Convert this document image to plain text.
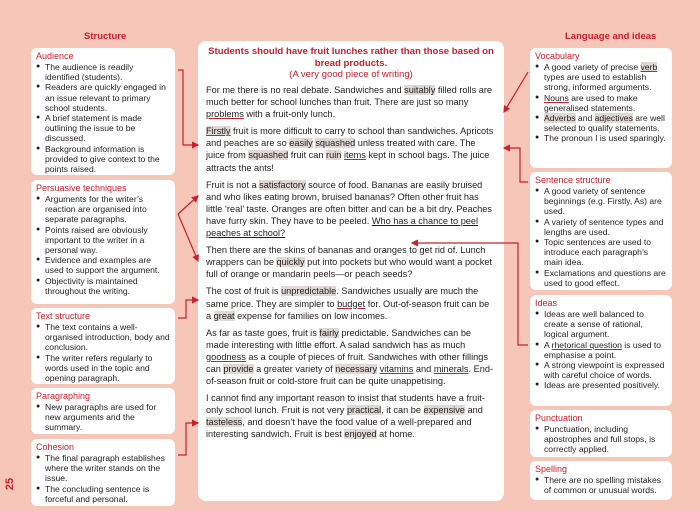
Structure	Language and ideas
25
Audience
● The audience is readily identified (students).
● Readers are quickly engaged in an issue relevant to primary school students.
● A brief statement is made outlining the issue to be discussed.
● Background information is provided to give context to the points raised.
Persuasive techniques
● Arguments for the writer’s reaction are organised into separate paragraphs.
● Points raised are obviously important to the writer in a personal way.
● Evidence and examples are used to support the argument.
● Objectivity is maintained throughout the writing.
Text structure
● The text contains a well-organised introduction, body and conclusion.
● The writer refers regularly to words used in the topic and opening paragraph.
Paragraphing
● New paragraphs are used for new arguments and the summary.
Cohesion
● The final paragraph establishes where the writer stands on the issue.
● The concluding sentence is forceful and personal.
Students should have fruit lunches rather than those based on
bread products.
(A very good piece of writing)

For me there is no real debate. Sandwiches and suitably filled rolls are much better for school lunches than fruit. There are just so many problems with a fruit-only lunch.

Firstly fruit is more difficult to carry to school than sandwiches. Apricots and peaches are so easily squashed unless treated with care. The juice from squashed fruit can ruin items kept in school bags. The juice attracts the ants!

Fruit is not a satisfactory source of food. Bananas are easily bruised and who likes eating brown, bruised bananas? Often other fruit has little ‘real’ taste. Oranges are often bitter and can be a bit dry. Peaches have furry skin. They have to be peeled. Who has a chance to peel peaches at school?

Then there are the skins of bananas and oranges to get rid of. Lunch wrappers can be quickly put into pockets but who would want a pocket full of orange or mandarin peels—or peach seeds?

The cost of fruit is unpredictable. Sandwiches usually are much the same price. They are simpler to budget for. Out-of-season fruit can be a great expense for families on low incomes.

As far as taste goes, fruit is fairly predictable. Sandwiches can be made interesting with little effort. A salad sandwich has as much goodness as a couple of pieces of fruit. Sandwiches with other fillings can provide a greater variety of necessary vitamins and minerals. End-of-season fruit or cold-store fruit can be quite unappetising.

I cannot find any important reason to insist that students have a fruit-only school lunch. Fruit is not very practical, it can be expensive and tasteless, and doesn’t have the food value of a well-prepared and interesting sandwich. Fruit is best enjoyed at home.

Vocabulary
● A good variety of precise verb types are used to establish strong, informed arguments.
● Nouns are used to make generalised statements.
● Adverbs and adjectives are well selected to qualify statements.
● The pronoun I is used sparingly.
Sentence structure
● A good variety of sentence beginnings (e.g. Firstly, As) are used.
● A variety of sentence types and lengths are used.
● Topic sentences are used to introduce each paragraph’s main idea.
● Exclamations and questions are used to good effect.
Ideas
● Ideas are well balanced to create a sense of rational, logical argument.
● A rhetorical question is used to emphasise a point.
● A strong viewpoint is expressed with careful choice of words.
● Ideas are presented positively.
Punctuation
● Punctuation, including apostrophes and full stops, is correctly applied.
Spelling
● There are no spelling mistakes of common or unusual words.
